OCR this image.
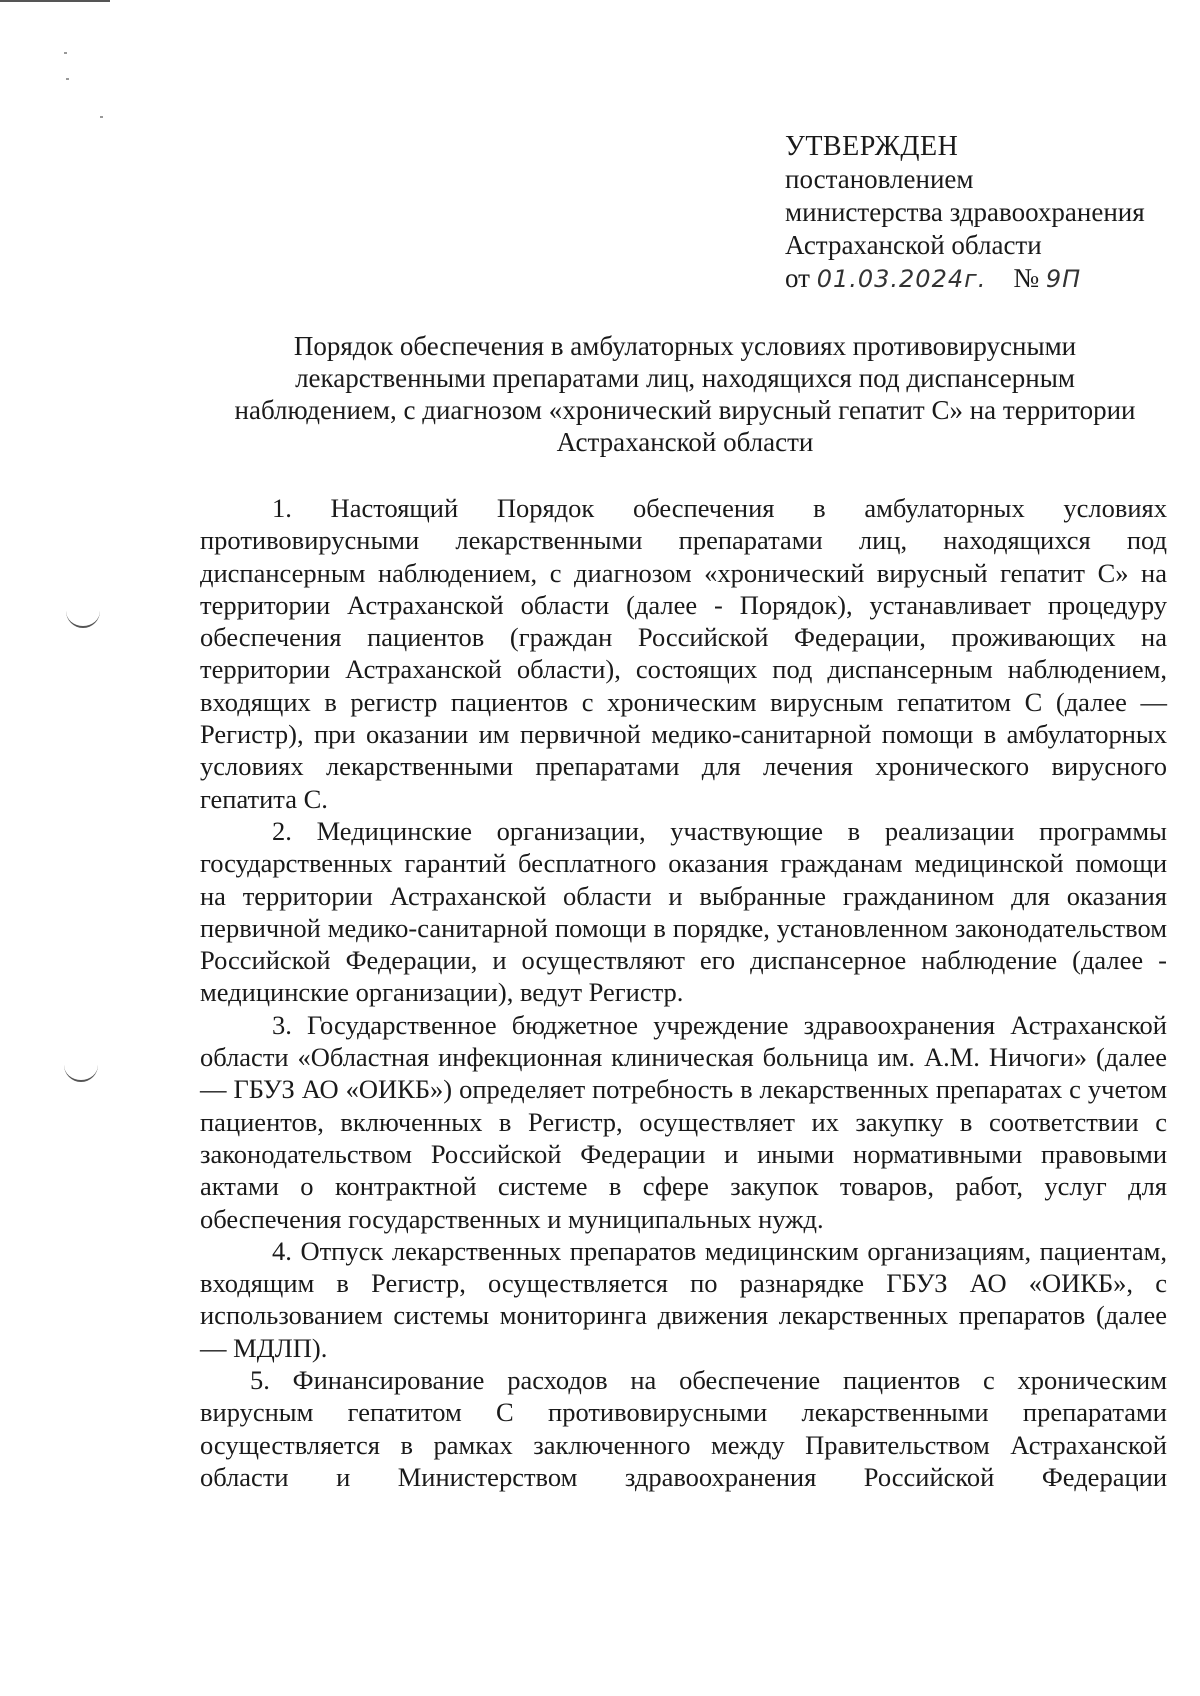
УТВЕРЖДЕН
постановлением
министерства здравоохранения
Астраханской области
от 01.03.2024г. № 9П
Порядок обеспечения в амбулаторных условиях противовирусными
лекарственными препаратами лиц, находящихся под диспансерным
наблюдением, с диагнозом «хронический вирусный гепатит С» на территории
Астраханской области

1. Настоящий Порядок обеспечения в амбулаторных условиях противовирусными лекарственными препаратами лиц, находящихся под диспансерным наблюдением, с диагнозом «хронический вирусный гепатит С» на территории Астраханской области (далее - Порядок), устанавливает процедуру обеспечения пациентов (граждан Российской Федерации, проживающих на территории Астраханской области), состоящих под диспансерным наблюдением, входящих в регистр пациентов с хроническим вирусным гепатитом С (далее — Регистр), при оказании им первичной медико-санитарной помощи в амбулаторных условиях лекарственными препаратами для лечения хронического вирусного гепатита С.

2. Медицинские организации, участвующие в реализации программы государственных гарантий бесплатного оказания гражданам медицинской помощи на территории Астраханской области и выбранные гражданином для оказания первичной медико-санитарной помощи в порядке, установленном законодательством Российской Федерации, и осуществляют его диспансерное наблюдение (далее - медицинские организации), ведут Регистр.

3. Государственное бюджетное учреждение здравоохранения Астраханской области «Областная инфекционная клиническая больница им. А.М. Ничоги» (далее — ГБУЗ АО «ОИКБ») определяет потребность в лекарственных препаратах с учетом пациентов, включенных в Регистр, осуществляет их закупку в соответствии с законодательством Российской Федерации и иными нормативными правовыми актами о контрактной системе в сфере закупок товаров, работ, услуг для обеспечения государственных и муниципальных нужд.

4. Отпуск лекарственных препаратов медицинским организациям, пациентам, входящим в Регистр, осуществляется по разнарядке ГБУЗ АО «ОИКБ», с использованием системы мониторинга движения лекарственных препаратов (далее — МДЛП).

5. Финансирование расходов на обеспечение пациентов с хроническим вирусным гепатитом С противовирусными лекарственными препаратами осуществляется в рамках заключенного между Правительством Астраханской области и Министерством здравоохранения Российской Федерации
